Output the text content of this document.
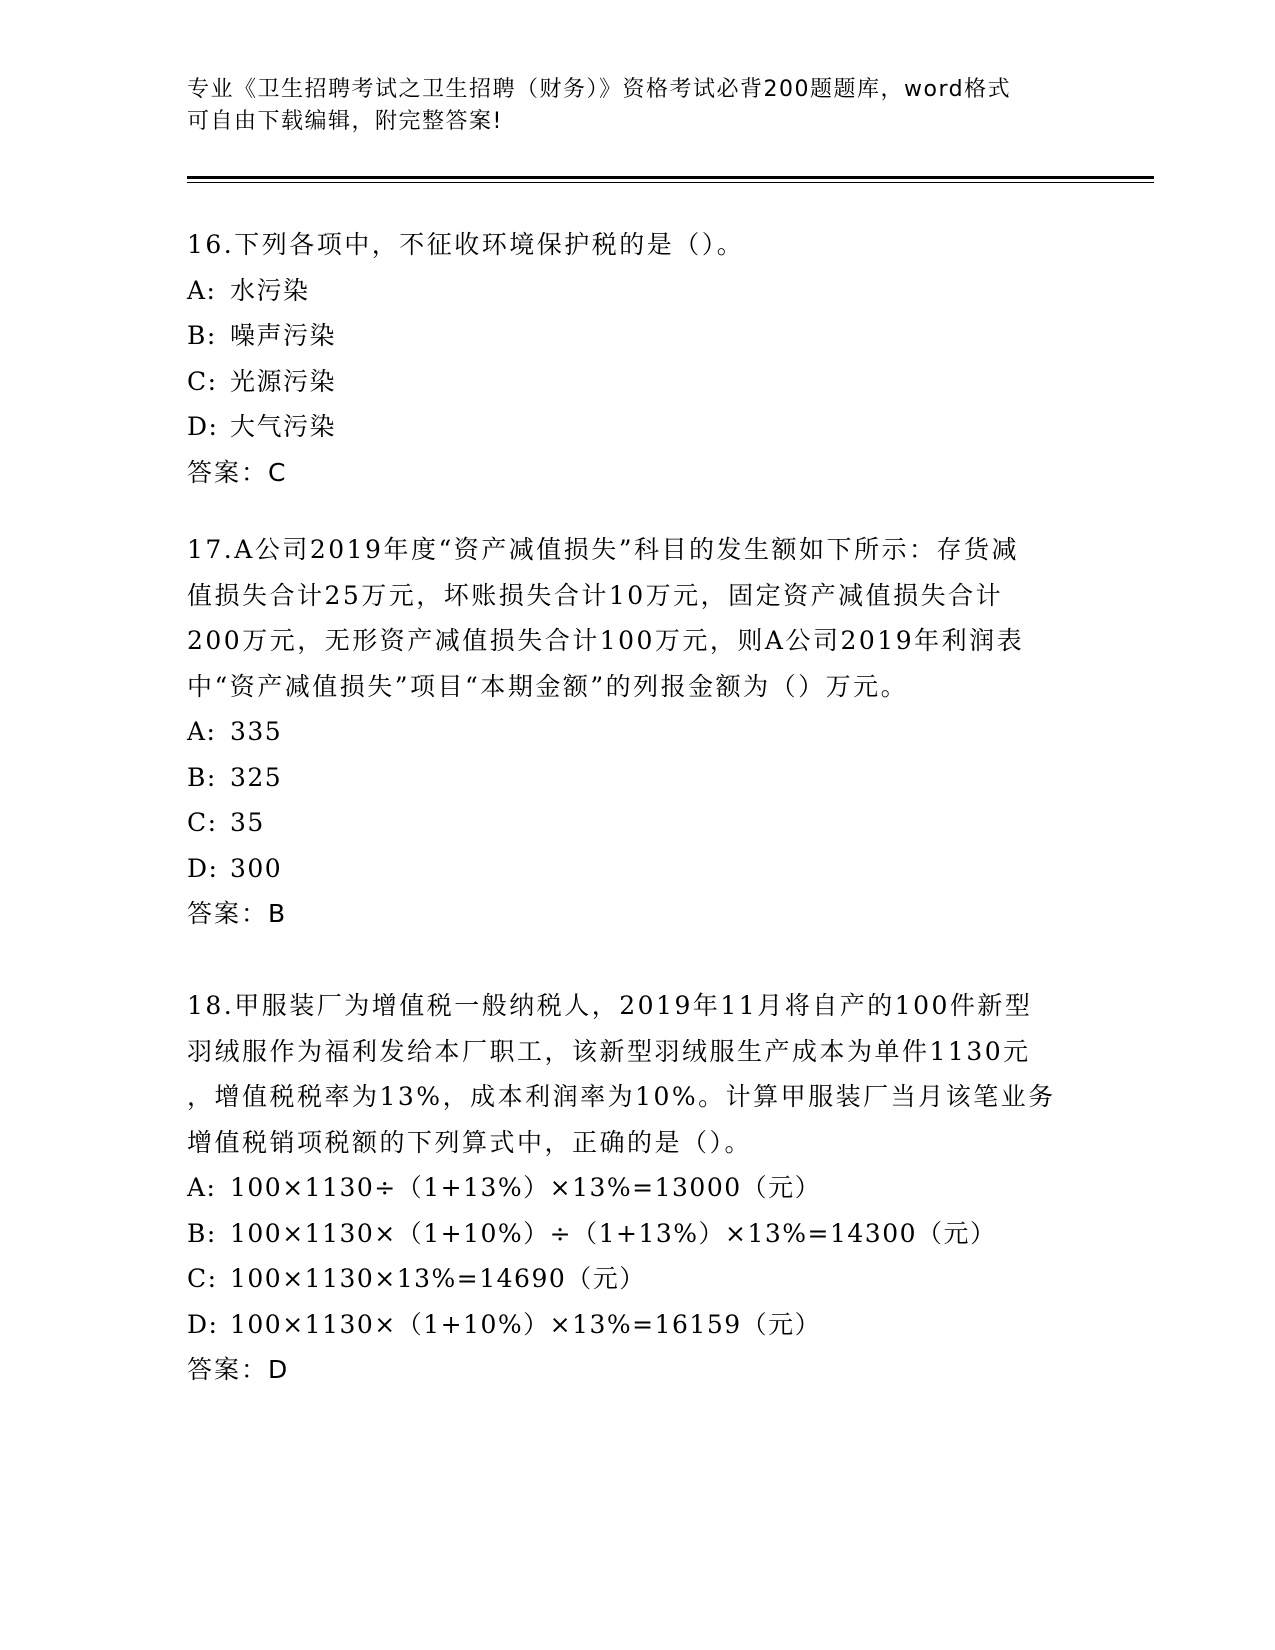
专业《卫生招聘考试之卫生招聘（财务）》资格考试必背200题题库，word格式
可自由下载编辑，附完整答案!

16.下列各项中，不征收环境保护税的是（）。

A: 水污染

B: 噪声污染

C: 光源污染

D: 大气污染

答案：C

17.A公司2019年度“资产减值损失”科目的发生额如下所示：存货减

值损失合计25万元，坏账损失合计10万元，固定资产减值损失合计

200万元，无形资产减值损失合计100万元，则A公司2019年利润表

中“资产减值损失”项目“本期金额”的列报金额为（）万元。

A: 335

B: 325

C: 35

D: 300

答案：B

18.甲服装厂为增值税一般纳税人，2019年11月将自产的100件新型

羽绒服作为福利发给本厂职工，该新型羽绒服生产成本为单件1130元

，增值税税率为13%，成本利润率为10%。计算甲服装厂当月该笔业务

增值税销项税额的下列算式中，正确的是（）。

A: 100×1130÷（1+13%）×13%=13000（元）

B: 100×1130×（1+10%）÷（1+13%）×13%=14300（元）

C: 100×1130×13%=14690（元）

D: 100×1130×（1+10%）×13%=16159（元）

答案：D
